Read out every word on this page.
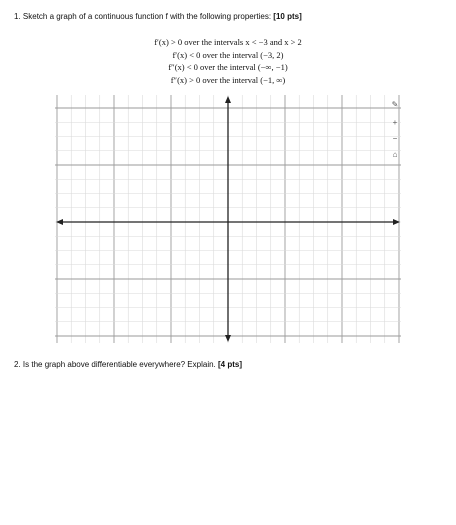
1. Sketch a graph of a continuous function f with the following properties: [10 pts]
f′(x) > 0 over the intervals x < −3 and x > 2
f′(x) < 0 over the interval (−3, 2)
f″(x) < 0 over the interval (−∞, −1)
f″(x) > 0 over the interval (−1, ∞)
✎
+
−
⌂
2. Is the graph above differentiable everywhere? Explain. [4 pts]
